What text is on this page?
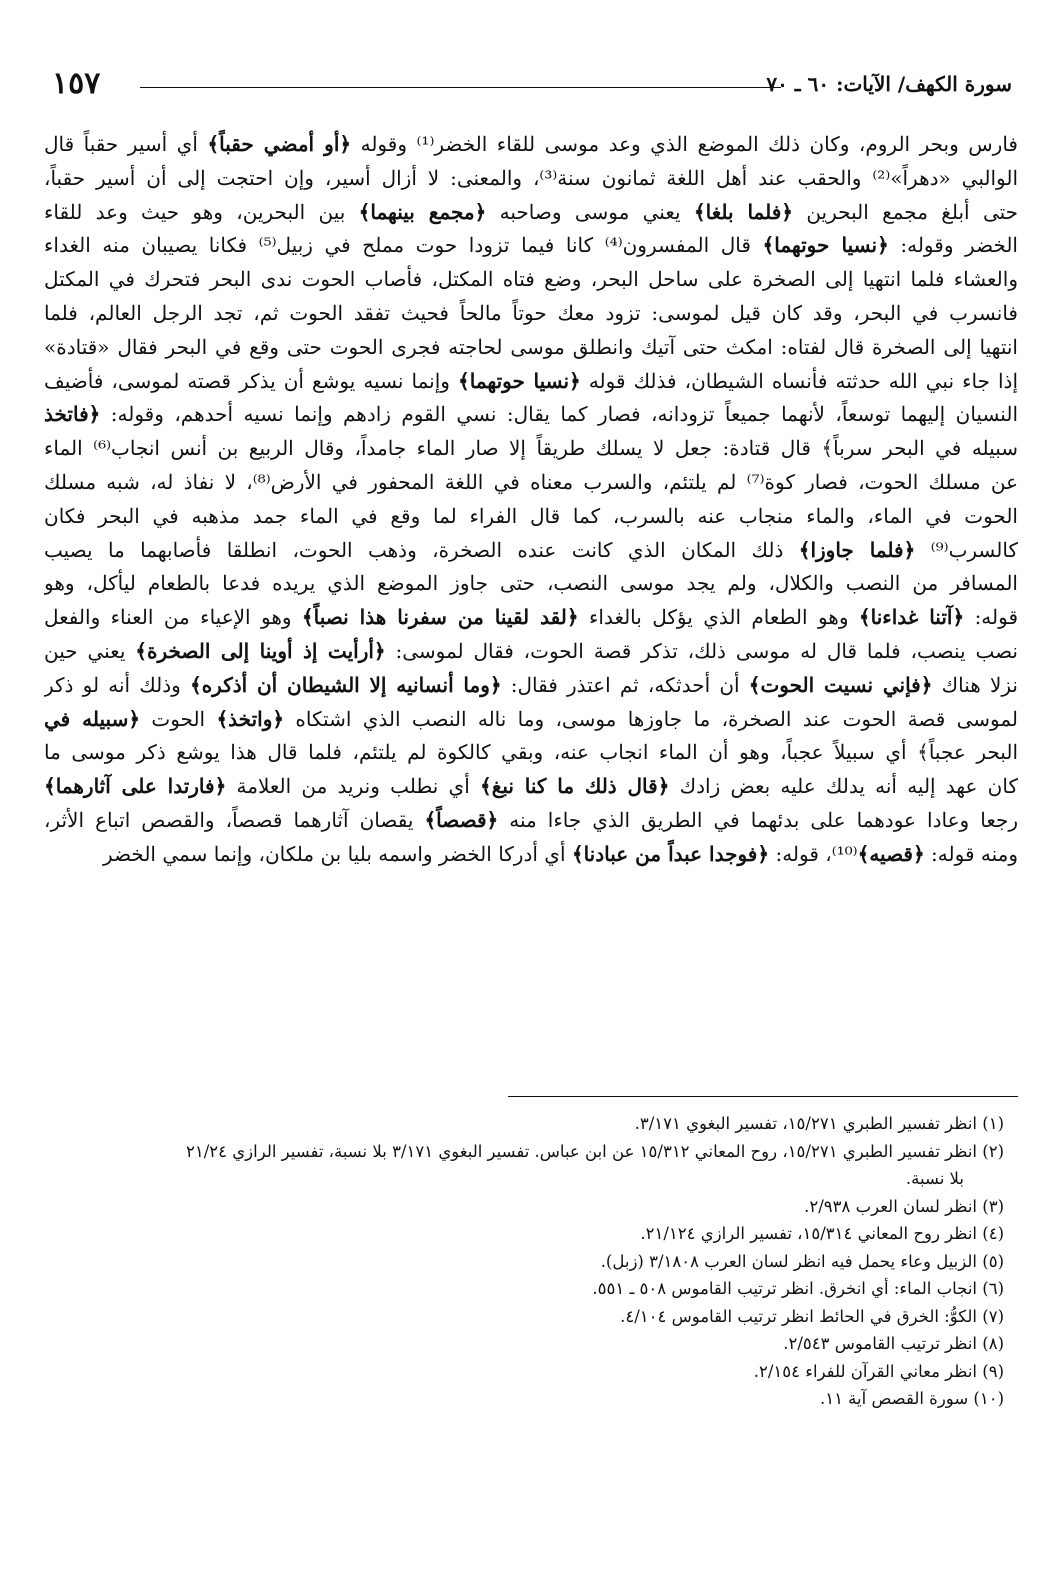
١٥٧	سورة الكهف/ الآيات: ٦٠ ـ ٧٠
فارس وبحر الروم، وكان ذلك الموضع الذي وعد موسى للقاء الخضر⁽¹⁾ وقوله ﴿أو أمضي حقباً﴾ أي أسير حقباً قال
الوالبي «دهراً»⁽²⁾ والحقب عند أهل اللغة ثمانون سنة⁽³⁾، والمعنى: لا أزال أسير، وإن احتجت إلى أن أسير حقباً،
حتى أبلغ مجمع البحرين ﴿فلما بلغا﴾ يعني موسى وصاحبه ﴿مجمع بينهما﴾ بين البحرين، وهو حيث وعد للقاء
الخضر وقوله: ﴿نسيا حوتهما﴾ قال المفسرون⁽⁴⁾ كانا فيما تزودا حوت مملح في زبيل⁽⁵⁾ فكانا يصيبان منه الغداء
والعشاء فلما انتهيا إلى الصخرة على ساحل البحر، وضع فتاه المكتل، فأصاب الحوت ندى البحر فتحرك في المكتل
فانسرب في البحر، وقد كان قيل لموسى: تزود معك حوتاً مالحاً فحيث تفقد الحوت ثم، تجد الرجل العالم، فلما
انتهيا إلى الصخرة قال لفتاه: امكث حتى آتيك وانطلق موسى لحاجته فجرى الحوت حتى وقع في البحر فقال «قتادة»
إذا جاء نبي الله حدثته فأنساه الشيطان، فذلك قوله ﴿نسيا حوتهما﴾ وإنما نسيه يوشع أن يذكر قصته لموسى، فأضيف
النسيان إليهما توسعاً، لأنهما جميعاً تزودانه، فصار كما يقال: نسي القوم زادهم وإنما نسيه أحدهم، وقوله: ﴿فاتخذ
سبيله في البحر سرباً﴾ قال قتادة: جعل لا يسلك طريقاً إلا صار الماء جامداً، وقال الربيع بن أنس انجاب⁽⁶⁾ الماء
عن مسلك الحوت، فصار كوة⁽⁷⁾ لم يلتئم، والسرب معناه في اللغة المحفور في الأرض⁽⁸⁾، لا نفاذ له، شبه مسلك
الحوت في الماء، والماء منجاب عنه بالسرب، كما قال الفراء لما وقع في الماء جمد مذهبه في البحر فكان
كالسرب⁽⁹⁾ ﴿فلما جاوزا﴾ ذلك المكان الذي كانت عنده الصخرة، وذهب الحوت، انطلقا فأصابهما ما يصيب
المسافر من النصب والكلال، ولم يجد موسى النصب، حتى جاوز الموضع الذي يريده فدعا بالطعام ليأكل، وهو
قوله: ﴿آتنا غداءنا﴾ وهو الطعام الذي يؤكل بالغداء ﴿لقد لقينا من سفرنا هذا نصباً﴾ وهو الإعياء من العناء والفعل
نصب ينصب، فلما قال له موسى ذلك، تذكر قصة الحوت، فقال لموسى: ﴿أرأيت إذ أوينا إلى الصخرة﴾ يعني حين
نزلا هناك ﴿فإني نسيت الحوت﴾ أن أحدثكه، ثم اعتذر فقال: ﴿وما أنسانيه إلا الشيطان أن أذكره﴾ وذلك أنه لو ذكر
لموسى قصة الحوت عند الصخرة، ما جاوزها موسى، وما ناله النصب الذي اشتكاه ﴿واتخذ﴾ الحوت ﴿سبيله في
البحر عجباً﴾ أي سبيلاً عجباً، وهو أن الماء انجاب عنه، وبقي كالكوة لم يلتئم، فلما قال هذا يوشع ذكر موسى ما
كان عهد إليه أنه يدلك عليه بعض زادك ﴿قال ذلك ما كنا نبغ﴾ أي نطلب ونريد من العلامة ﴿فارتدا على آثارهما﴾
رجعا وعادا عودهما على بدئهما في الطريق الذي جاءا منه ﴿قصصاً﴾ يقصان آثارهما قصصاً، والقصص اتباع الأثر،
ومنه قوله: ﴿قصيه﴾⁽¹⁰⁾، قوله: ﴿فوجدا عبداً من عبادنا﴾ أي أدركا الخضر واسمه بليا بن ملكان، وإنما سمي الخضر
(١) انظر تفسير الطبري ١٥/٢٧١، تفسير البغوي ٣/١٧١.
(٢) انظر تفسير الطبري ١٥/٢٧١، روح المعاني ١٥/٣١٢ عن ابن عباس. تفسير البغوي ٣/١٧١ بلا نسبة، تفسير الرازي ٢١/٢٤
بلا نسبة.
(٣) انظر لسان العرب ٢/٩٣٨.
(٤) انظر روح المعاني ١٥/٣١٤، تفسير الرازي ٢١/١٢٤.
(٥) الزبيل وعاء يحمل فيه انظر لسان العرب ٣/١٨٠٨ (زبل).
(٦) انجاب الماء: أي انخرق. انظر ترتيب القاموس ٥٠٨ ـ ٥٥١.
(٧) الكوُّ: الخرق في الحائط انظر ترتيب القاموس ٤/١٠٤.
(٨) انظر ترتيب القاموس ٢/٥٤٣.
(٩) انظر معاني القرآن للفراء ٢/١٥٤.
(١٠) سورة القصص آية ١١.
